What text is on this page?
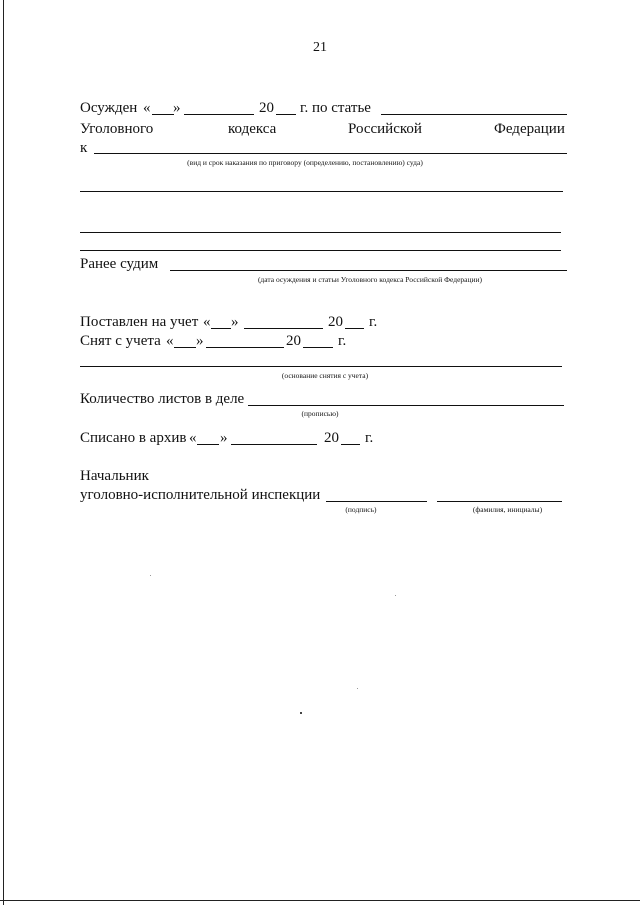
21
Осужден « »	20 г. по статье
Уголовного	кодекса	Российской	Федерации
к
(вид и срок наказания по приговору (определению, постановлению) суда)
Ранее судим
(дата осуждения и статьи Уголовного кодекса Российской Федерации)
Поставлен на учет « »	20 г.
Снят с учета « »	20 г.
(основание снятия с учета)
Количество листов в деле
(прописью)
Списано в архив « »	20 г.
Начальник
уголовно-исполнительной инспекции
(подпись)	(фамилия, инициалы)
